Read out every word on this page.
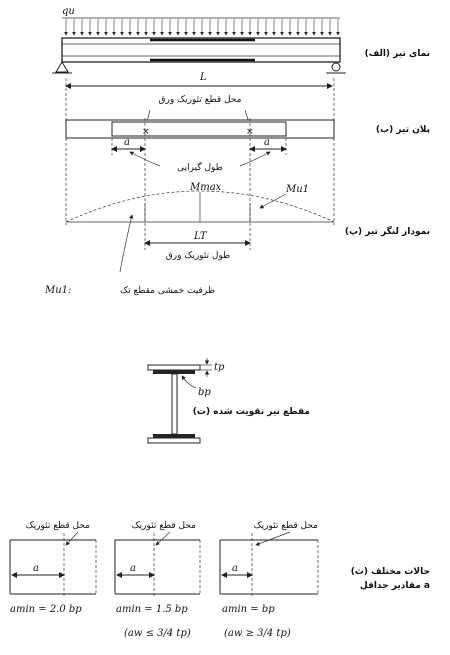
qu
(الف) نمای تیر
L
محل قطع تئوریک ورق
×	×	(ب) پلان تیر
a	a
طول گیرایی
Mmax	Mu1
(پ) نمودار لنگر تیر
LT
طول تئوریک ورق
Mu1:	ظرفیت خمشی مقطع تک
tp
bp
(ت) مقطع تیر تقویت شده
محل قطع تئوریک
a
amin = 2.0 bp
محل قطع تئوریک
a
amin = 1.5 bp
(aw ≤ 3/4 tp)
محل قطع تئوریک
a
amin = bp
(aw ≥ 3/4 tp)
(ث) حالات مختلف
مقادیر حداقل a
